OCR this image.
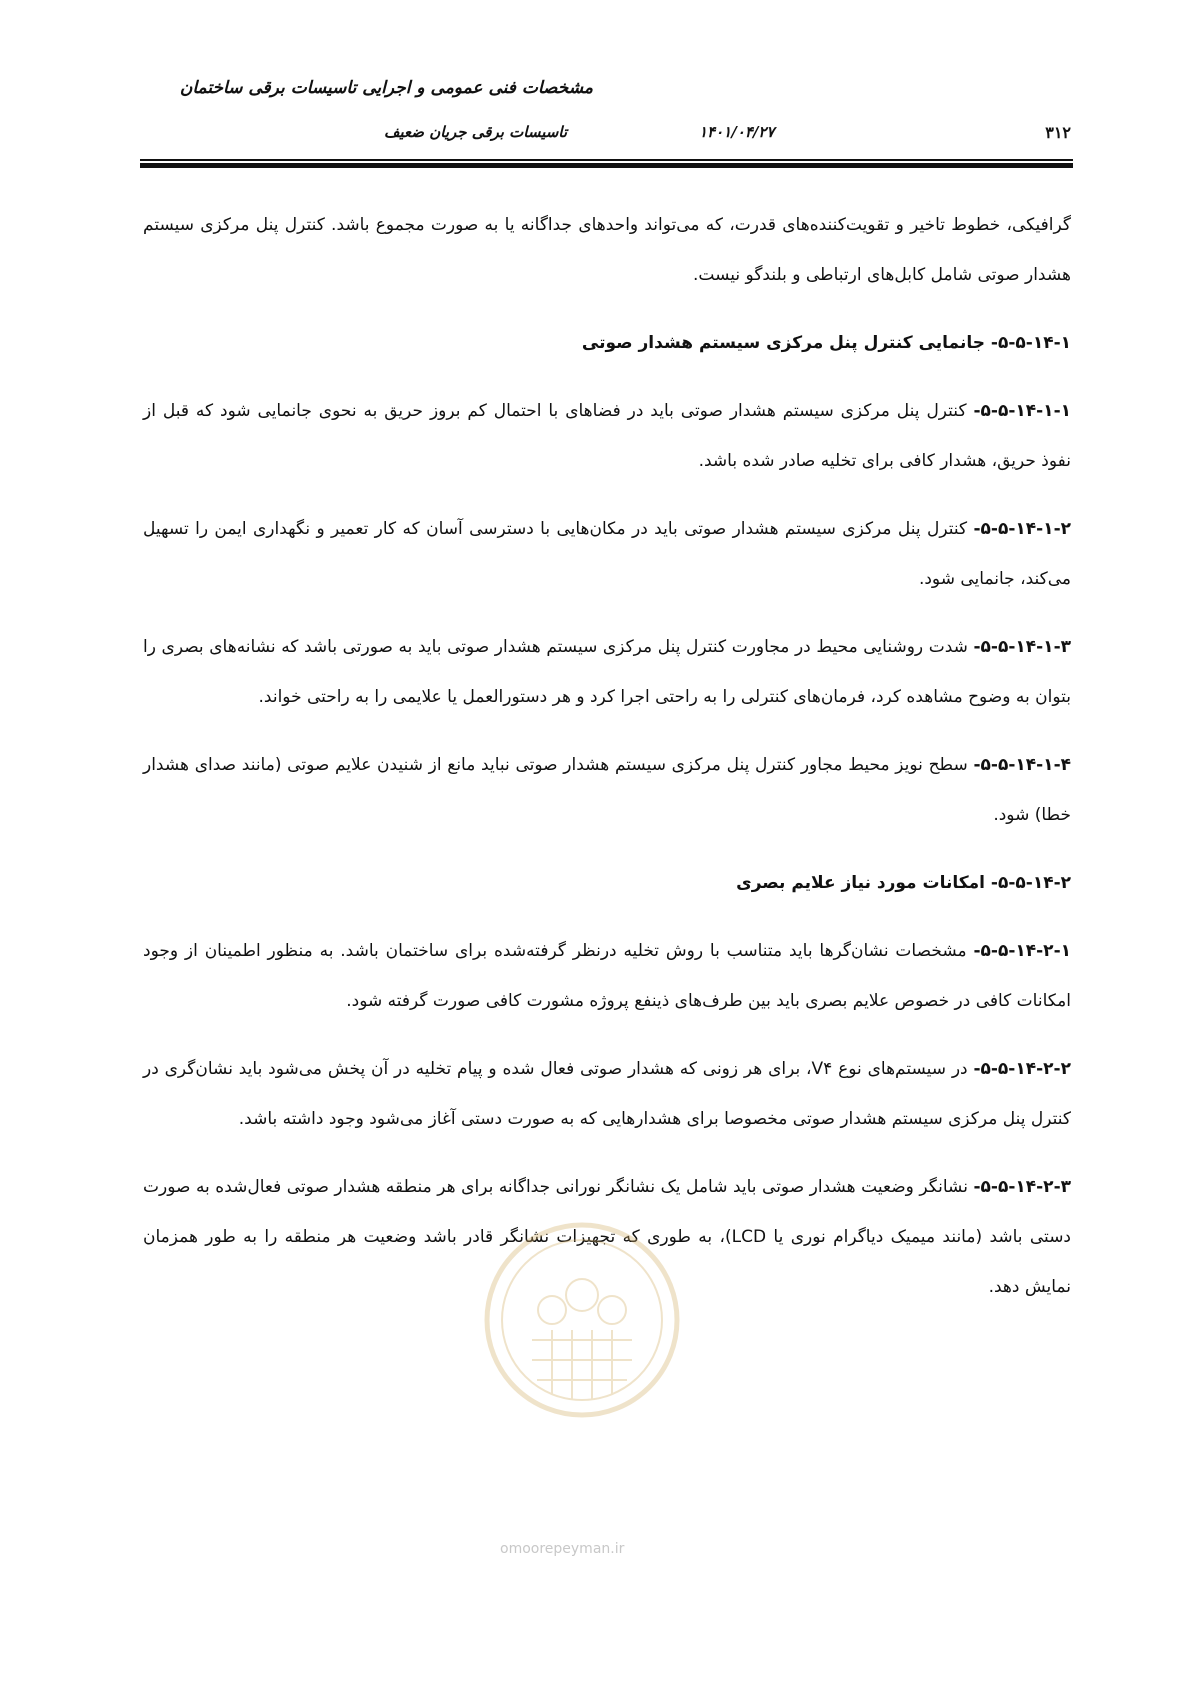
مشخصات فنی عمومی و اجرایی تاسیسات برقی ساختمان
تاسیسات برقی جریان ضعیف	۱۴۰۱/۰۴/۲۷	۳۱۲

گرافیکی، خطوط تاخیر و تقویت‌کننده‌های قدرت، که می‌تواند واحدهای جداگانه یا به صورت مجموع باشد. کنترل پنل مرکزی سیستم هشدار صوتی شامل کابل‌های ارتباطی و بلندگو نیست.

۵-۵-۱۴-۱- جانمایی کنترل پنل مرکزی سیستم هشدار صوتی

۵-۵-۱۴-۱-۱- کنترل پنل مرکزی سیستم هشدار صوتی باید در فضاهای با احتمال کم بروز حریق به نحوی جانمایی شود که قبل از نفوذ حریق، هشدار کافی برای تخلیه صادر شده باشد.

۵-۵-۱۴-۱-۲- کنترل پنل مرکزی سیستم هشدار صوتی باید در مکان‌هایی با دسترسی آسان که کار تعمیر و نگهداری ایمن را تسهیل می‌کند، جانمایی شود.

۵-۵-۱۴-۱-۳- شدت روشنایی محیط در مجاورت کنترل پنل مرکزی سیستم هشدار صوتی باید به صورتی باشد که نشانه‌های بصری را بتوان به وضوح مشاهده کرد، فرمان‌های کنترلی را به راحتی اجرا کرد و هر دستورالعمل یا علایمی را به راحتی خواند.

۵-۵-۱۴-۱-۴- سطح نویز محیط مجاور کنترل پنل مرکزی سیستم هشدار صوتی نباید مانع از شنیدن علایم صوتی (مانند صدای هشدار خطا) شود.

۵-۵-۱۴-۲- امکانات مورد نیاز علایم بصری

۵-۵-۱۴-۲-۱- مشخصات نشان‌گرها باید متناسب با روش تخلیه درنظر گرفته‌شده برای ساختمان باشد. به منظور اطمینان از وجود امکانات کافی در خصوص علایم بصری باید بین طرف‌های ذینفع پروژه مشورت کافی صورت گرفته شود.

۵-۵-۱۴-۲-۲- در سیستم‌های نوع V۴، برای هر زونی که هشدار صوتی فعال شده و پیام تخلیه در آن پخش می‌شود باید نشان‌گری در کنترل پنل مرکزی سیستم هشدار صوتی مخصوصا برای هشدارهایی که به صورت دستی آغاز می‌شود وجود داشته باشد.

۵-۵-۱۴-۲-۳- نشانگر وضعیت هشدار صوتی باید شامل یک نشانگر نورانی جداگانه برای هر منطقه هشدار صوتی فعال‌شده به صورت دستی باشد (مانند میمیک دیاگرام نوری یا LCD)، به طوری که تجهیزات نشانگر قادر باشد وضعیت هر منطقه را به طور همزمان نمایش دهد.

omoorepeyman.ir
